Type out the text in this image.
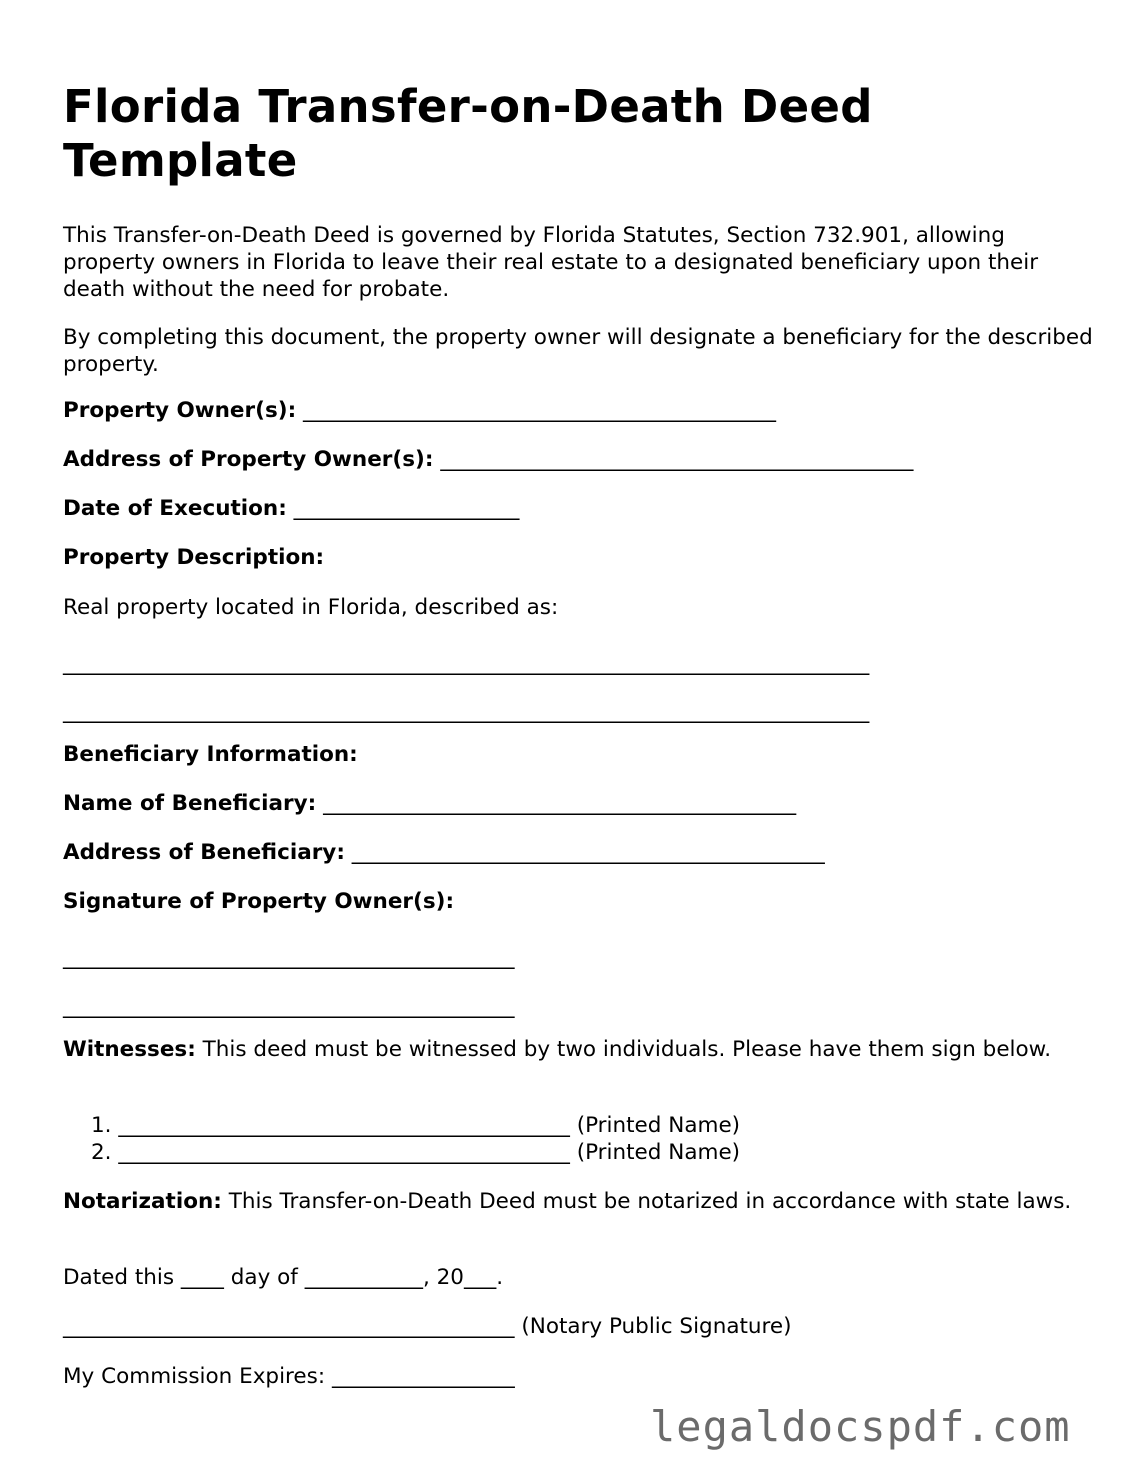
Florida Transfer-on-Death Deed Template

This Transfer-on-Death Deed is governed by Florida Statutes, Section 732.901, allowing property owners in Florida to leave their real estate to a designated beneficiary upon their death without the need for probate.

By completing this document, the property owner will designate a beneficiary for the described property.

Property Owner(s): ____________________________________________
Address of Property Owner(s): ____________________________________________
Date of Execution: _____________________
Property Description:
Real property located in Florida, described as:
___________________________________________________________________________
___________________________________________________________________________
Beneficiary Information:
Name of Beneficiary: ____________________________________________
Address of Beneficiary: ____________________________________________
Signature of Property Owner(s):
__________________________________________
__________________________________________

Witnesses: This deed must be witnessed by two individuals. Please have them sign below.

1. __________________________________________ (Printed Name)
2. __________________________________________ (Printed Name)

Notarization: This Transfer-on-Death Deed must be notarized in accordance with state laws.

Dated this ____ day of ___________, 20___.
__________________________________________ (Notary Public Signature)
My Commission Expires: _________________
legaldocspdf.com
